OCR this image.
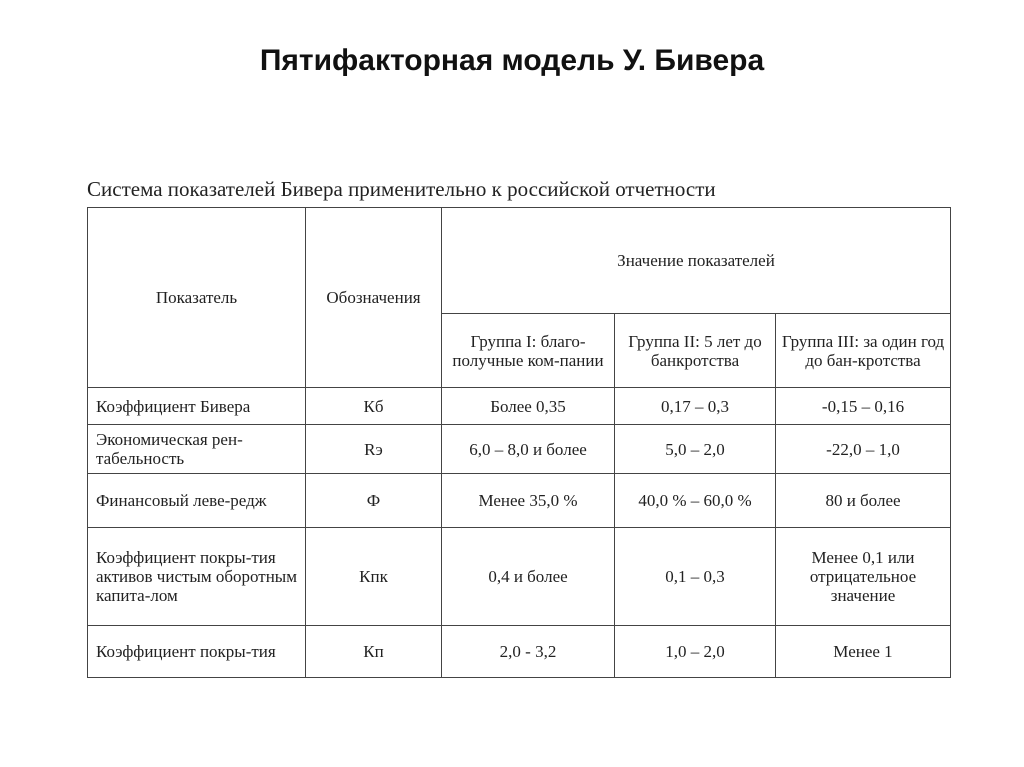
Пятифакторная модель У. Бивера
Система показателей Бивера применительно к российской отчетности
Показатель	Обозначения	Значение показателей		
		Группа I: благо-получные ком-пании	Группа II: 5 лет до банкротства	Группа III: за один год до бан-кротства
Коэффициент Бивера	Кб	Более 0,35	0,17 – 0,3	-0,15 – 0,16
Экономическая рен-табельность	Rэ	6,0 – 8,0 и более	5,0 – 2,0	-22,0 – 1,0
Финансовый леве-редж	Ф	Менее 35,0 %	40,0 % – 60,0 %	80 и более
Коэффициент покры-тия активов чистым оборотным капита-лом	Кпк	0,4 и более	0,1 – 0,3	Менее 0,1 или отрицательное значение
Коэффициент покры-тия	Кп	2,0 - 3,2	1,0 – 2,0	Менее 1
